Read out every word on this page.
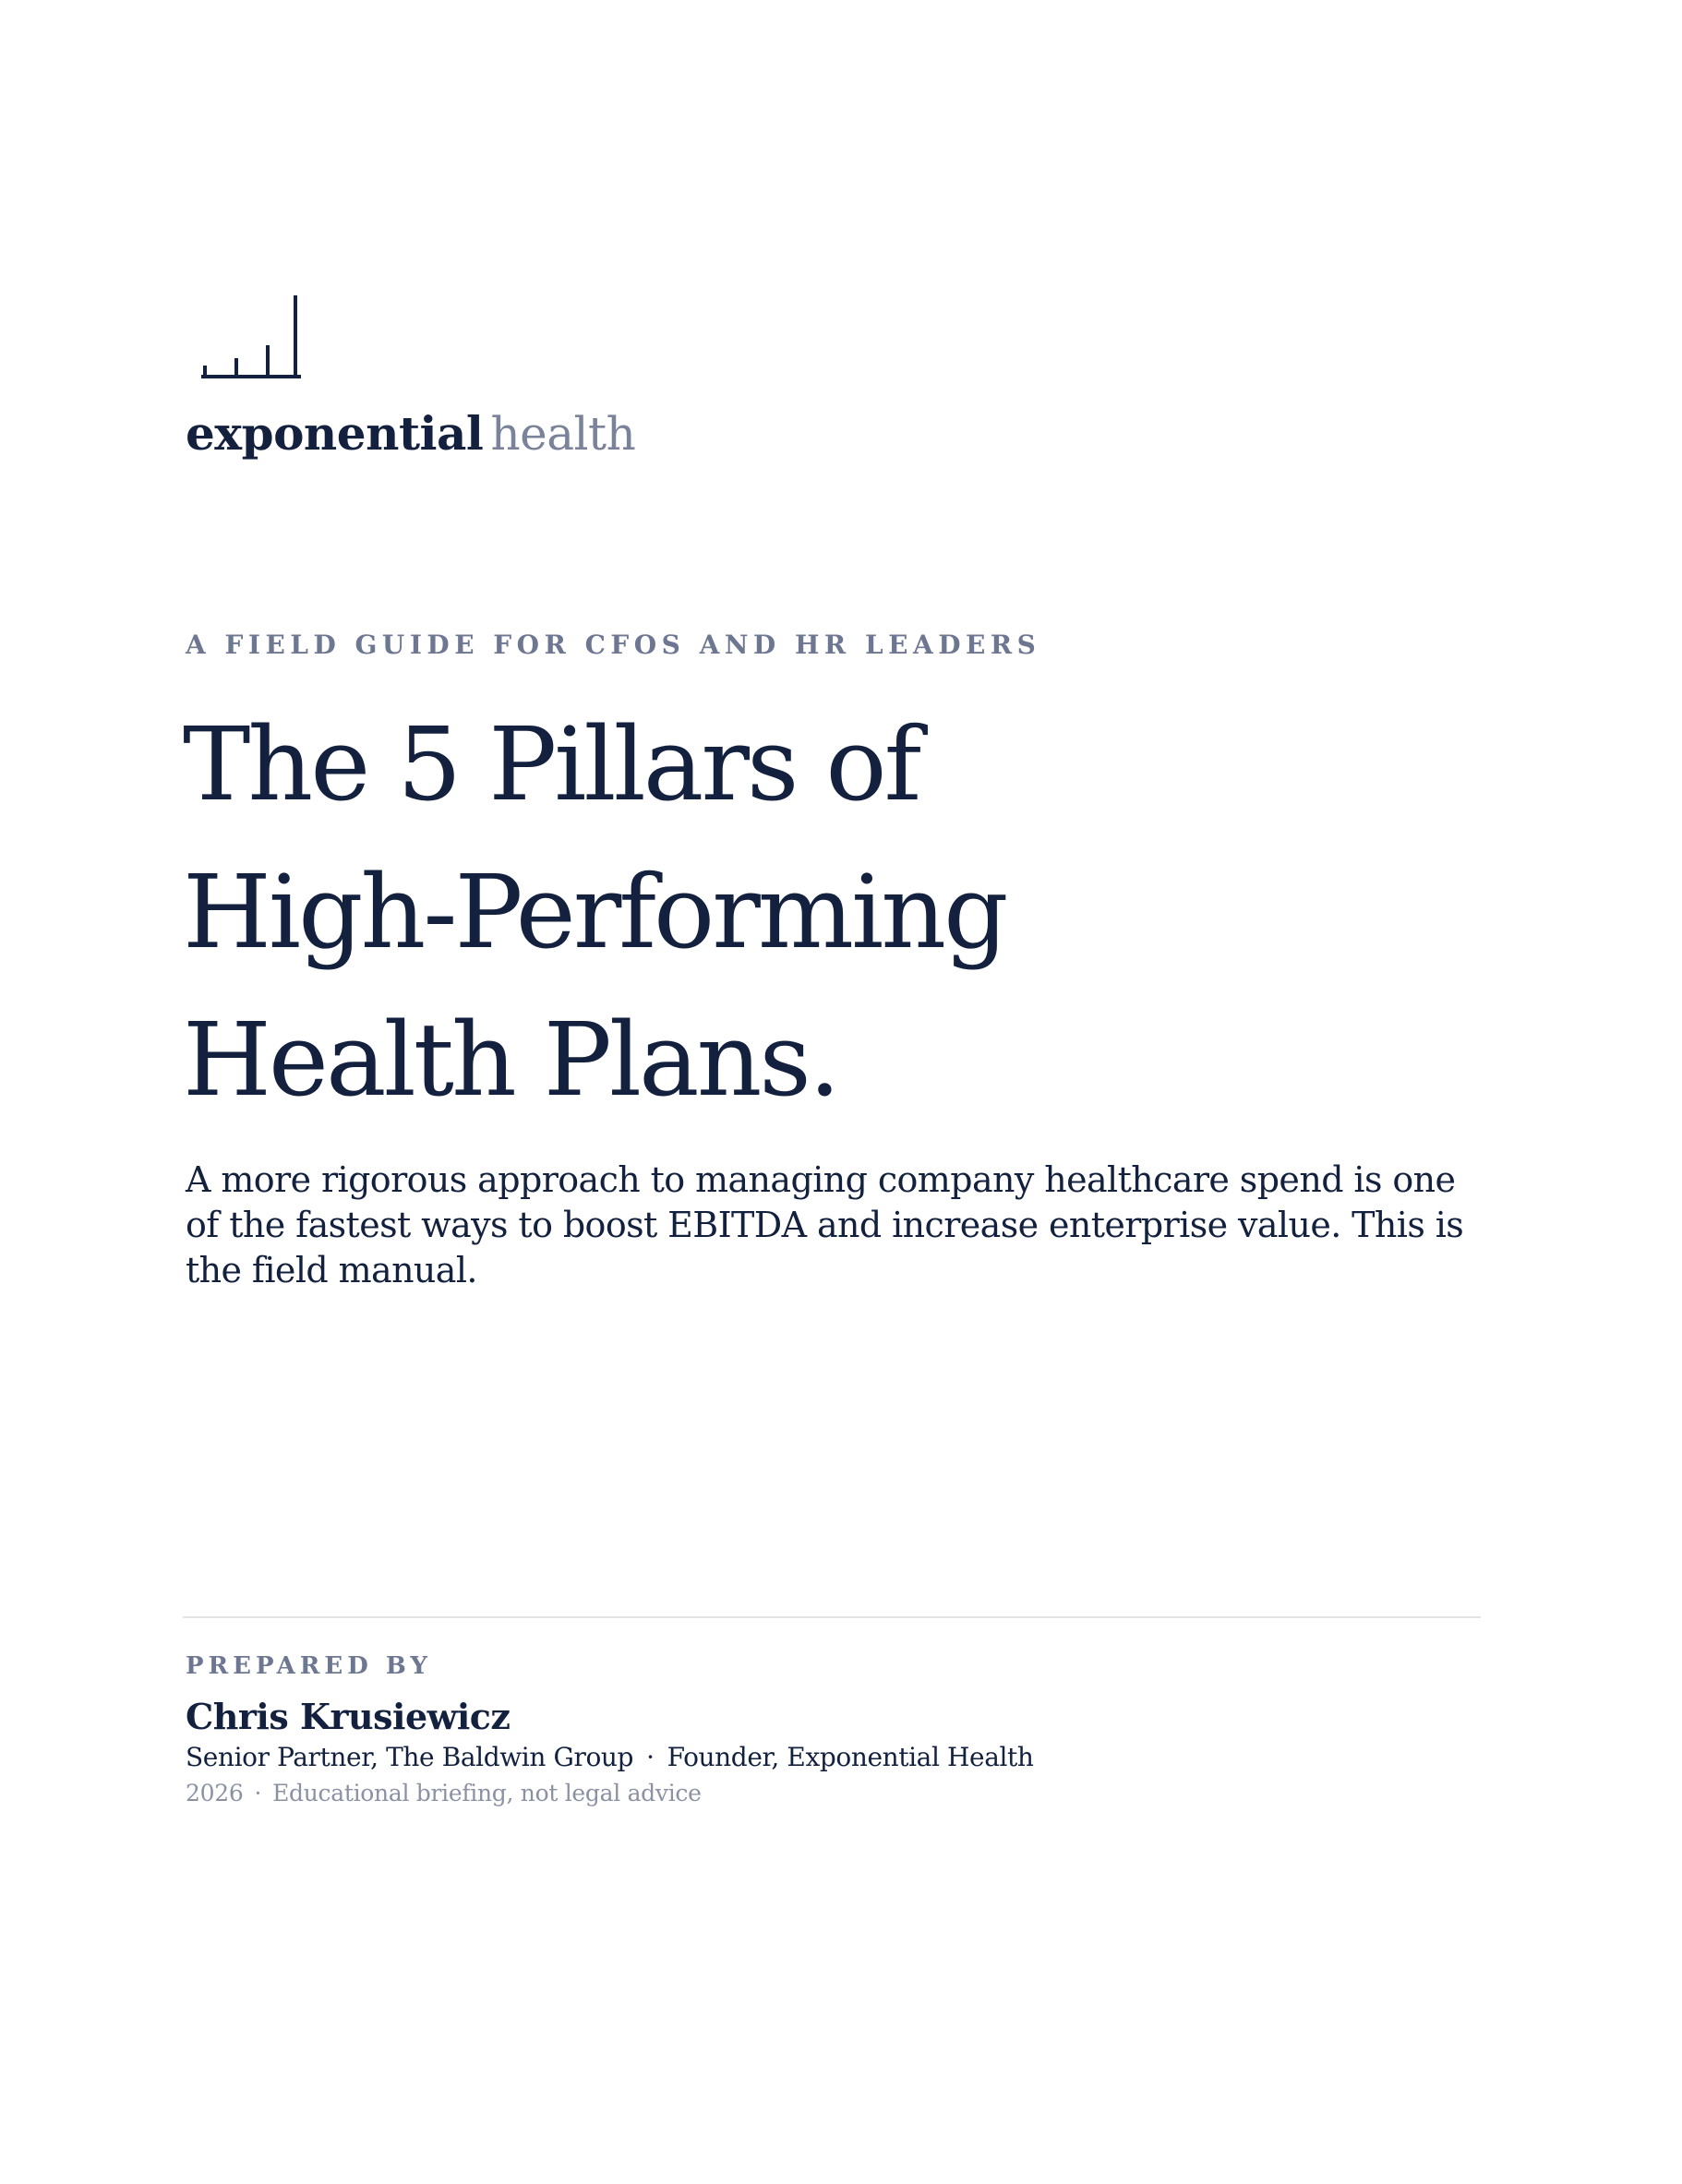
exponential health
A FIELD GUIDE FOR CFOS AND HR LEADERS
The 5 Pillars of
High-Performing
Health Plans.

A more rigorous approach to managing company healthcare spend is one of the fastest ways to boost EBITDA and increase enterprise value. This is the field manual.

PREPARED BY
Chris Krusiewicz
Senior Partner, The Baldwin Group · Founder, Exponential Health
2026 · Educational briefing, not legal advice
